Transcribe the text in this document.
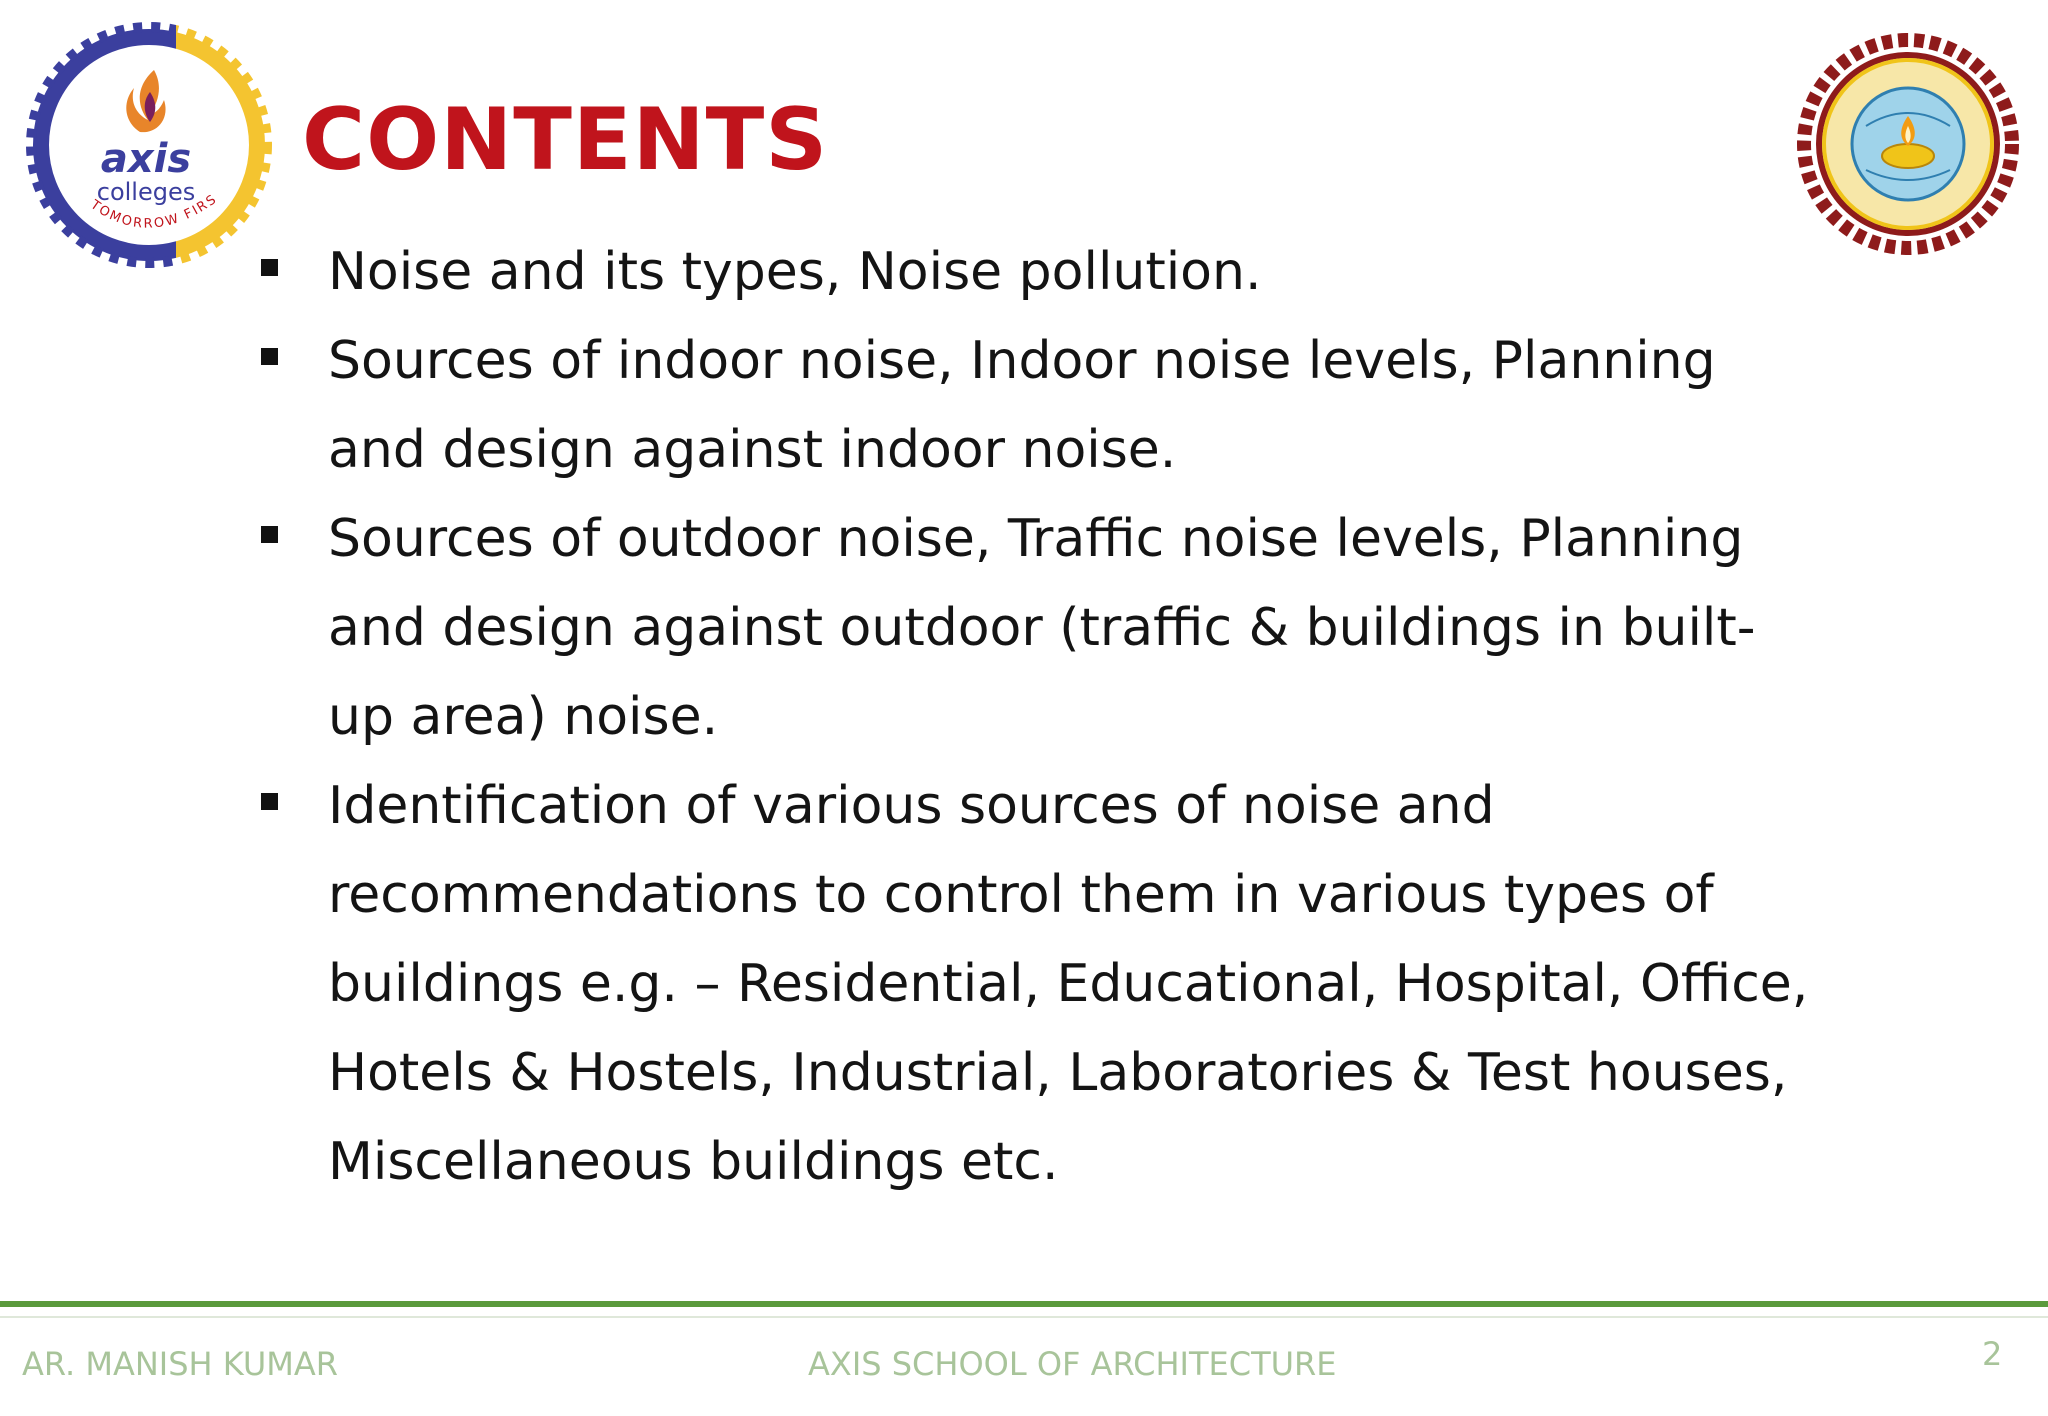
axis
colleges
TOMORROW FIRS
CONTENTS
Noise and its types, Noise pollution.
Sources of indoor noise, Indoor noise levels, Planning and design against indoor noise.
Sources of outdoor noise, Traffic noise levels, Planning and design against outdoor (traffic & buildings in built-up area) noise.
Identification of various sources of noise and recommendations to control them in various types of buildings e.g. – Residential, Educational, Hospital, Office, Hotels & Hostels, Industrial, Laboratories & Test houses, Miscellaneous buildings etc.
AR. MANISH KUMAR	AXIS SCHOOL OF ARCHITECTURE	2
